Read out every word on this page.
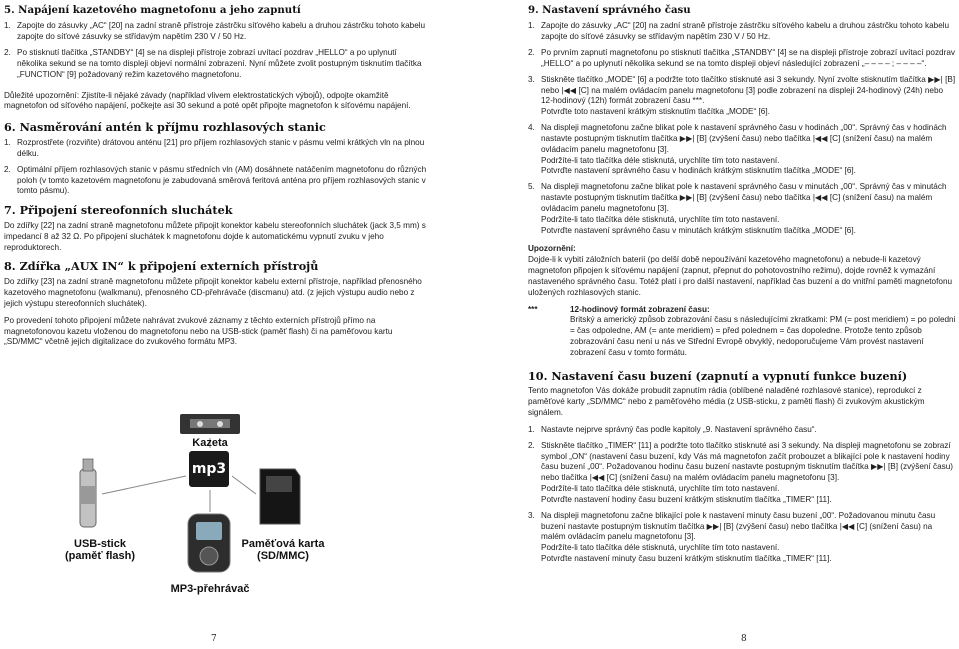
5. Napájení kazetového magnetofonu a jeho zapnutí
1. Zapojte do zásuvky „AC“ [20] na zadní straně přístroje zástrčku síťového kabelu a druhou zástrčku tohoto kabelu zapojte do síťové zásuvky se střídavým napětím 230 V / 50 Hz.
2. Po stisknutí tlačítka „STANDBY“ [4] se na displeji přístroje zobrazí uvítací pozdrav „HELLO“ a po uplynutí několika sekund se na tomto displeji objeví normální zobrazení. Nyní můžete zvolit postupným tisknutím tlačítka „FUNCTION“ [9] požadovaný režim kazetového magnetofonu.

Důležité upozornění: Zjistíte-li nějaké závady (například vlivem elektrostatických výbojů), odpojte okamžitě magnetofon od síťového napájení, počkejte asi 30 sekund a poté opět připojte magnetofon k síťovému napájení.

6. Nasměrování antén k příjmu rozhlasových stanic
1. Rozprostřete (rozviňte) drátovou anténu [21] pro příjem rozhlasových stanic v pásmu velmi krátkých vln na plnou délku.
2. Optimální příjem rozhlasových stanic v pásmu středních vln (AM) dosáhnete natáčením magnetofonu do různých poloh (v tomto kazetovém magnetofonu je zabudovaná směrová feritová anténa pro příjem rozhlasových stanic v tomto pásmu).
7. Připojení stereofonních sluchátek

Do zdířky [22] na zadní straně magnetofonu můžete připojit konektor kabelu stereofonních sluchátek (jack 3,5 mm) s impedancí 8 až 32 Ω. Po připojení sluchátek k magnetofonu dojde k automatickému vypnutí zvuku v jeho reproduktorech.

8. Zdířka „AUX IN“ k připojení externích přístrojů

Do zdířky [23] na zadní straně magnetofonu můžete připojit konektor kabelu externí přístroje, například přenosného kazetového magnetofonu (walkmanu), přenosného CD-přehrávače (discmanu) atd. (z jejich výstupu audio nebo z jejich výstupu stereofonních sluchátek).

Po provedení tohoto připojení můžete nahrávat zvukové záznamy z těchto externích přístrojů přímo na magnetofonovou kazetu vloženou do magnetofonu nebo na USB-stick (paměť flash) či na paměťovou kartu „SD/MMC“ včetně jejich digitalizace do zvukového formátu MP3.

Kazeta
mp3
USB-stick
(paměť flash)
Paměťová karta
(SD/MMC)
MP3-přehrávač
7
9. Nastavení správného času
1. Zapojte do zásuvky „AC“ [20] na zadní straně přístroje zástrčku síťového kabelu a druhou zástrčku tohoto kabelu zapojte do síťové zásuvky se střídavým napětím 230 V / 50 Hz.
2. Po prvním zapnutí magnetofonu po stisknutí tlačítka „STANDBY“ [4] se na displeji přístroje zobrazí uvítací pozdrav „HELLO“ a po uplynutí několika sekund se na tomto displeji objeví následující zobrazení „– – – – ; – – – –“.
3. Stiskněte tlačítko „MODE“ [6] a podržte toto tlačítko stisknuté asi 3 sekundy. Nyní zvolte stisknutím tlačítka ▶▶| [B] nebo |◀◀ [C] na malém ovládacím panelu magnetofonu [3] podle zobrazení na displeji 24-hodinový (24h) nebo 12-hodinový (12h) formát zobrazení času ***.
Potvrďte toto nastavení krátkým stisknutím tlačítka „MODE“ [6].
4. Na displeji magnetofonu začne blikat pole k nastavení správného času v hodinách „00“. Správný čas v hodinách nastavte postupným tisknutím tlačítka ▶▶| [B] (zvýšení času) nebo tlačítka |◀◀ [C] (snížení času) na malém ovládacím panelu magnetofonu [3].
Podržíte-li tato tlačítka déle stisknutá, urychlíte tím toto nastavení.
Potvrďte nastavení správného času v hodinách krátkým stisknutím tlačítka „MODE“ [6].
5. Na displeji magnetofonu začne blikat pole k nastavení správného času v minutách „00“. Správný čas v minutách nastavte postupným tisknutím tlačítka ▶▶| [B] (zvýšení času) nebo tlačítka |◀◀ [C] (snížení času) na malém ovládacím panelu magnetofonu [3].
Podržíte-li tato tlačítka déle stisknutá, urychlíte tím toto nastavení.
Potvrďte nastavení správného času v minutách krátkým stisknutím tlačítka „MODE“ [6].
Upozornění:

Dojde-li k vybití záložních baterií (po delší době nepoužívání kazetového magnetofonu) a nebude-li kazetový magnetofon připojen k síťovému napájení (zapnut, přepnut do pohotovostního režimu), dojde rovněž k vymazání nastaveného správného času. Totéž platí i pro další nastavení, například čas buzení a do vnitřní paměti magnetofonu uložených rozhlasových stanic.

***	12-hodinový formát zobrazení času:
Britský a americký způsob zobrazování času s následujícími zkratkami: PM (= post meridiem) = po poledni = čas odpoledne, AM (= ante meridiem) = před polednem = čas dopoledne. Protože tento způsob zobrazování času není u nás ve Střední Evropě obvyklý, nedoporučujeme Vám provést nastavení zobrazení času v tomto formátu.
10. Nastavení času buzení (zapnutí a vypnutí funkce buzení)

Tento magnetofon Vás dokáže probudit zapnutím rádia (oblíbené naladěné rozhlasové stanice), reprodukcí z paměťové karty „SD/MMC“ nebo z paměťového média (z USB-sticku, z paměti flash) či zvukovým akustickým signálem.

1. Nastavte nejprve správný čas podle kapitoly „9. Nastavení správného času“.
2. Stiskněte tlačítko „TIMER“ [11] a podržte toto tlačítko stisknuté asi 3 sekundy. Na displeji magnetofonu se zobrazí symbol „ON“ (nastavení času buzení, kdy Vás má magnetofon začít probouzet a blikající pole k nastavení hodiny času buzení „00“. Požadovanou hodinu času buzení nastavte postupným tisknutím tlačítka ▶▶| [B] (zvýšení času) nebo tlačítka |◀◀ [C] (snížení času) na malém ovládacím panelu magnetofonu [3].
Podržíte-li tato tlačítka déle stisknutá, urychlíte tím toto nastavení.
Potvrďte nastavení hodiny času buzení krátkým stisknutím tlačítka „TIMER“ [11].
3. Na displeji magnetofonu začne blikající pole k nastavení minuty času buzení „00“. Požadovanou minutu času buzení nastavte postupným tisknutím tlačítka ▶▶| [B] (zvýšení času) nebo tlačítka |◀◀ [C] (snížení času) na malém ovládacím panelu magnetofonu [3].
Podržíte-li tato tlačítka déle stisknutá, urychlíte tím toto nastavení.
Potvrďte nastavení minuty času buzení krátkým stisknutím tlačítka „TIMER“ [11].
8
